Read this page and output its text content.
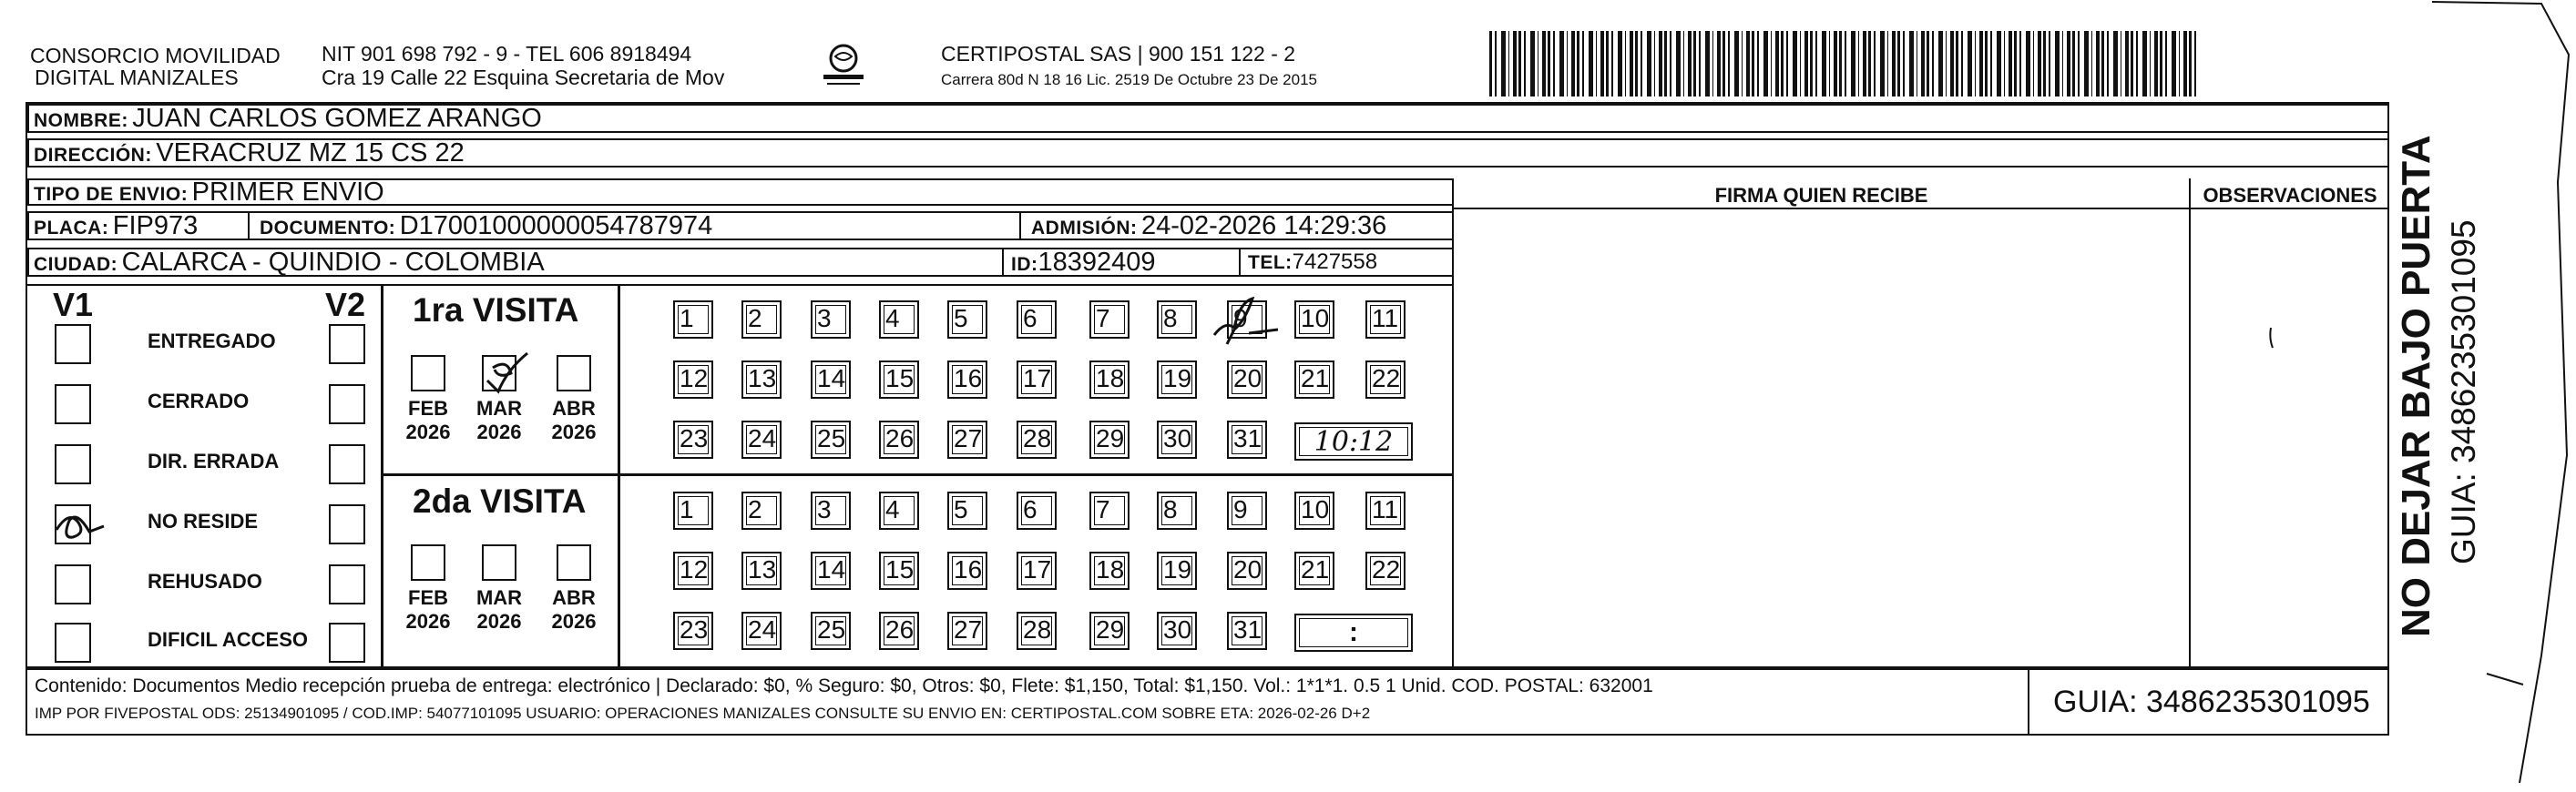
CONSORCIO MOVILIDAD
DIGITAL MANIZALES
NIT 901 698 792 - 9 - TEL 606 8918494
Cra 19 Calle 22 Esquina Secretaria de Mov
CERTIPOSTAL SAS | 900 151 122 - 2
Carrera 80d N 18 16 Lic. 2519 De Octubre 23 De 2015
NOMBRE: JUAN CARLOS GOMEZ ARANGO
DIRECCIÓN: VERACRUZ MZ 15 CS 22
TIPO DE ENVIO: PRIMER ENVIO
PLACA: FIP973	DOCUMENTO: D17001000000054787974	ADMISIÓN: 24-02-2026 14:29:36
CIUDAD: CALARCA - QUINDIO - COLOMBIA	ID:18392409	TEL:7427558
FIRMA QUIEN RECIBE	OBSERVACIONES
V1	V2
ENTREGADO
CERRADO
DIR. ERRADA
NO RESIDE
REHUSADO
DIFICIL ACCESO
1ra VISITA
2da VISITA
FEB
2026
MAR
2026
ABR
2026
FEB
2026
MAR
2026
ABR
2026
1	2	3	4	5	6	7	8	9	10 11
12 13 14 15 16 17 18 19 20 21 22
23 24 25 26 27 28 29 30 31
1	2	3	4	5	6	7	8	9	10 11
12 13 14 15 16 17 18 19 20 21 22
23 24 25 26 27 28 29 30 31
10:12
:
Contenido: Documentos Medio recepción prueba de entrega: electrónico | Declarado: $0, % Seguro: $0, Otros: $0, Flete: $1,150, Total: $1,150. Vol.: 1*1*1. 0.5 1 Unid. COD. POSTAL: 632001
IMP POR FIVEPOSTAL ODS: 25134901095 / COD.IMP: 54077101095 USUARIO: OPERACIONES MANIZALES CONSULTE SU ENVIO EN: CERTIPOSTAL.COM SOBRE ETA: 2026-02-26 D+2	GUIA: 3486235301095
NO DEJAR BAJO PUERTA GUIA: 3486235301095
